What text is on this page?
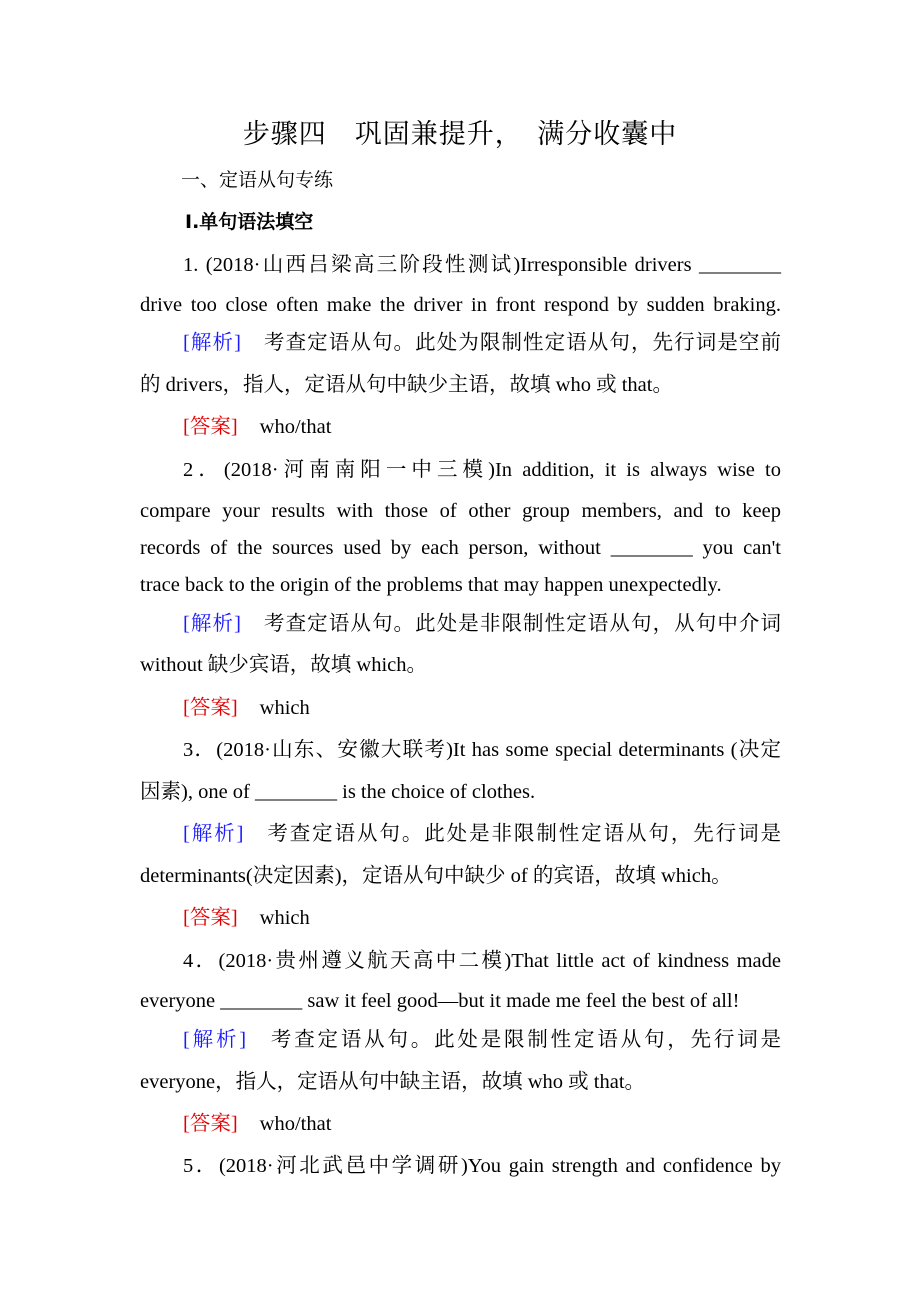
步骤四　巩固兼提升，　满分收囊中
一、定语从句专练
Ⅰ.单句语法填空
1. (2018·山西吕梁高三阶段性测试)Irresponsible drivers ________
drive too close often make the driver in front respond by sudden braking.
[解析] 考查定语从句。此处为限制性定语从句，先行词是空前
的 drivers，指人，定语从句中缺少主语，故填 who 或 that。
[答案] who/that
2．(2018·河南南阳一中三模)In addition, it is always wise to
compare your results with those of other group members, and to keep
records of the sources used by each person, without ________ you can't
trace back to the origin of the problems that may happen unexpectedly.
[解析] 考查定语从句。此处是非限制性定语从句，从句中介词
without 缺少宾语，故填 which。
[答案] which
3．(2018·山东、安徽大联考)It has some special determinants (决定
因素), one of ________ is the choice of clothes.
[解析] 考查定语从句。此处是非限制性定语从句，先行词是
determinants(决定因素)，定语从句中缺少 of 的宾语，故填 which。
[答案] which
4．(2018·贵州遵义航天高中二模)That little act of kindness made
everyone ________ saw it feel good—but it made me feel the best of all!
[解析] 考查定语从句。此处是限制性定语从句，先行词是
everyone，指人，定语从句中缺主语，故填 who 或 that。
[答案] who/that
5．(2018·河北武邑中学调研)You gain strength and confidence by
